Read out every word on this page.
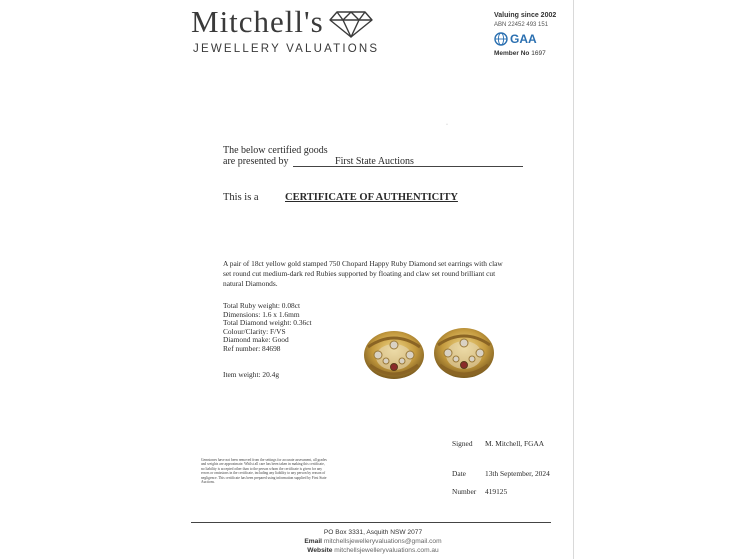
Mitchell's
JEWELLERY VALUATIONS
Valuing since 2002
ABN 22452 493 151
GAA
Member No 1697
·
The below certified goods
are presented by	First State Auctions
This is a	CERTIFICATE OF AUTHENTICITY
A pair of 18ct yellow gold stamped 750 Chopard Happy Ruby Diamond set earrings with claw set round cut medium-dark red Rubies supported by floating and claw set round brilliant cut natural Diamonds.
Total Ruby weight: 0.08ct
Dimensions: 1.6 x 1.6mm
Total Diamond weight: 0.36ct
Colour/Clarity: F/VS
Diamond make: Good
Ref number: 84698
Item weight: 20.4g
Signed M. Mitchell, FGAA
Date	13th September, 2024
Number 419125
Gemstones have not been removed from the settings for accurate assessment, all grades and weights are approximate. Whilst all care has been taken in making this certificate, no liability is accepted other than to the person whom the certificate is given for any errors or omissions in the certificate, including any liability to any person by reason of negligence. This certificate has been prepared using information supplied by First State Auctions.
PO Box 3331, Asquith NSW 2077
Email mitchellsjewelleryvaluations@gmail.com
Website mitchellsjewelleryvaluations.com.au
